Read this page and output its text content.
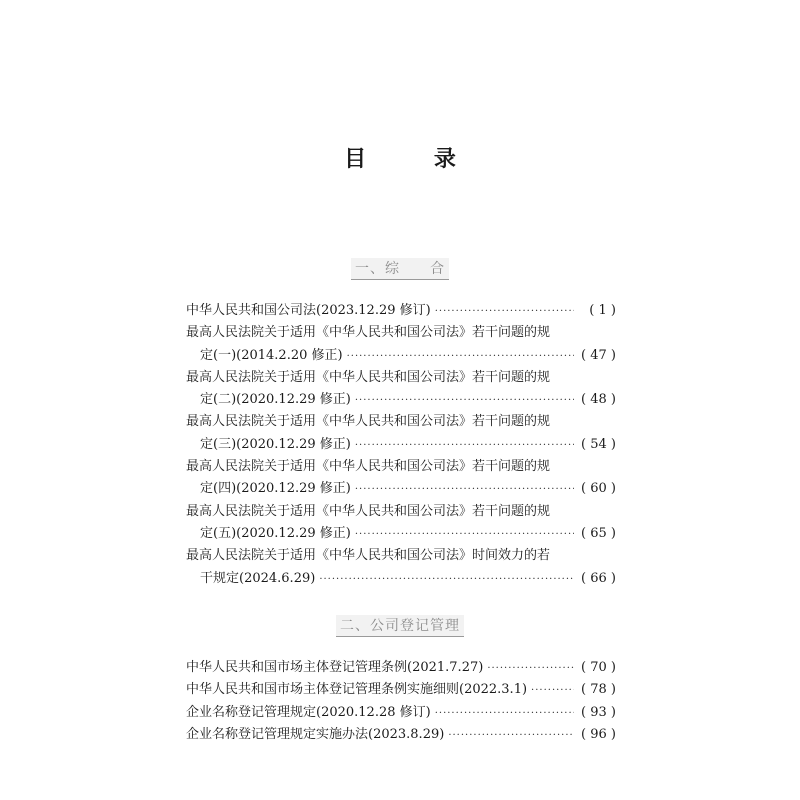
目 录
一、综　　合
中华人民共和国公司法(2023.12.29 修订) ·····	( 1 )
最高人民法院关于适用《中华人民共和国公司法》若干问题的规
定(一)(2014.2.20 修正) ·····	( 47 )
最高人民法院关于适用《中华人民共和国公司法》若干问题的规
定(二)(2020.12.29 修正) ·····	( 48 )
最高人民法院关于适用《中华人民共和国公司法》若干问题的规
定(三)(2020.12.29 修正) ·····	( 54 )
最高人民法院关于适用《中华人民共和国公司法》若干问题的规
定(四)(2020.12.29 修正) ·····	( 60 )
最高人民法院关于适用《中华人民共和国公司法》若干问题的规
定(五)(2020.12.29 修正) ·····	( 65 )
最高人民法院关于适用《中华人民共和国公司法》时间效力的若
干规定(2024.6.29) ·····	( 66 )
二、公司登记管理
中华人民共和国市场主体登记管理条例(2021.7.27) ·····	( 70 )
中华人民共和国市场主体登记管理条例实施细则(2022.3.1) ·····	( 78 )
企业名称登记管理规定(2020.12.28 修订) ·····	( 93 )
企业名称登记管理规定实施办法(2023.8.29) ·····	( 96 )
